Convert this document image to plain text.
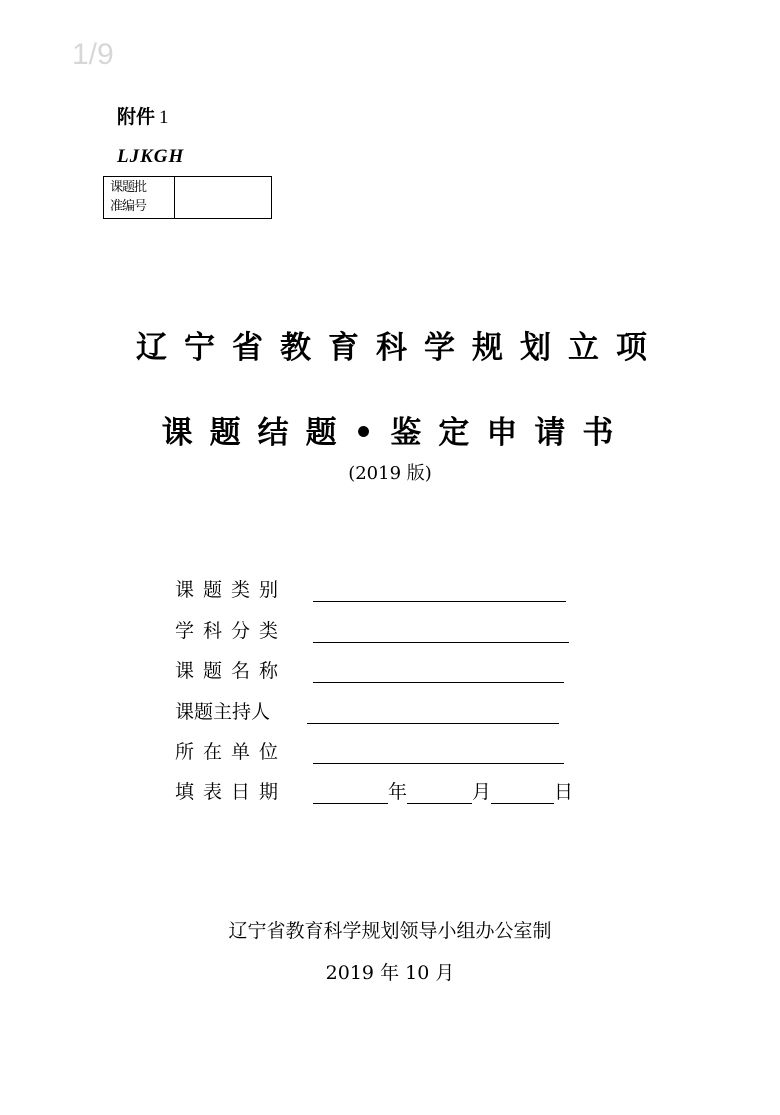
1/9
附件 1
LJKGH
课题批
准编号
辽宁省教育科学规划立项
课题结题•鉴定申请书
(2019 版)
课题类别
学科分类
课题名称
课题主持人
所在单位
填表日期	年	月	日
辽宁省教育科学规划领导小组办公室制
2019 年 10 月
